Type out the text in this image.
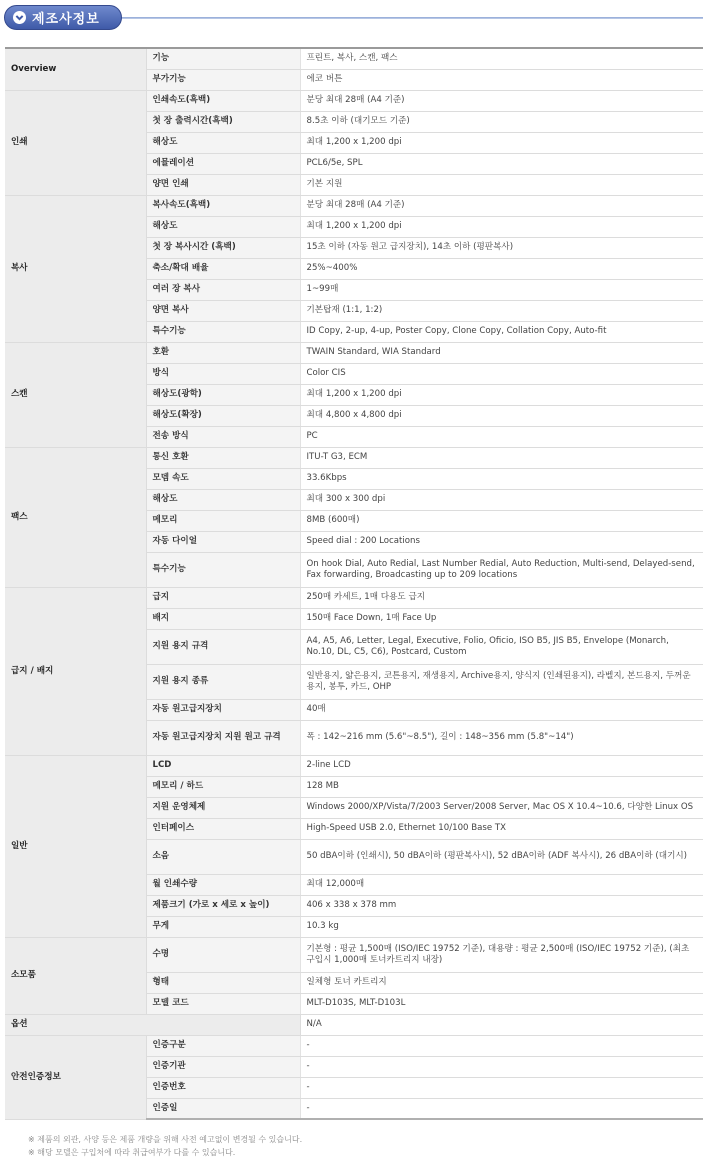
제조사정보
Overview	기능	프린트, 복사, 스캔, 팩스
	부가기능	에코 버튼
인쇄	인쇄속도(흑백)	분당 최대 28매 (A4 기준)
	첫 장 출력시간(흑백)	8.5초 이하 (대기모드 기준)
	해상도	최대 1,200 x 1,200 dpi
	에뮬레이션	PCL6/5e, SPL
	양면 인쇄	기본 지원
복사	복사속도(흑백)	분당 최대 28매 (A4 기준)
	해상도	최대 1,200 x 1,200 dpi
	첫 장 복사시간 (흑백)	15초 이하 (자동 원고 급지장치), 14초 이하 (평판복사)
	축소/확대 배율	25%~400%
	여러 장 복사	1~99매
	양면 복사	기본탑재 (1:1, 1:2)
	특수기능	ID Copy, 2-up, 4-up, Poster Copy, Clone Copy, Collation Copy, Auto-fit
스캔	호환	TWAIN Standard, WIA Standard
	방식	Color CIS
	해상도(광학)	최대 1,200 x 1,200 dpi
	해상도(확장)	최대 4,800 x 4,800 dpi
	전송 방식	PC
팩스	통신 호환	ITU-T G3, ECM
	모뎀 속도	33.6Kbps
	해상도	최대 300 x 300 dpi
	메모리	8MB (600매)
	자동 다이얼	Speed dial : 200 Locations
	특수기능	On hook Dial, Auto Redial, Last Number Redial, Auto Reduction, Multi-send, Delayed-send, Fax forwarding, Broadcasting up to 209 locations
급지 / 배지	급지	250매 카세트, 1매 다용도 급지
	배지	150매 Face Down, 1매 Face Up
	지원 용지 규격	A4, A5, A6, Letter, Legal, Executive, Folio, Oficio, ISO B5, JIS B5, Envelope (Monarch, No.10, DL, C5, C6), Postcard, Custom
	지원 용지 종류	일반용지, 얇은용지, 코튼용지, 재생용지, Archive용지, 양식지 (인쇄된용지), 라벨지, 본드용지, 두꺼운용지, 봉투, 카드, OHP
	자동 원고급지장치	40매
	자동 원고급지장치 지원 원고 규격	폭 : 142~216 mm (5.6"~8.5"), 길이 : 148~356 mm (5.8"~14")
일반	LCD	2-line LCD
	메모리 / 하드	128 MB
	지원 운영체제	Windows 2000/XP/Vista/7/2003 Server/2008 Server, Mac OS X 10.4~10.6, 다양한 Linux OS
	인터페이스	High-Speed USB 2.0, Ethernet 10/100 Base TX
	소음	50 dBA이하 (인쇄시), 50 dBA이하 (평판복사시), 52 dBA이하 (ADF 복사시), 26 dBA이하 (대기시)
	월 인쇄수량	최대 12,000매
	제품크기 (가로 x 세로 x 높이)	406 x 338 x 378 mm
	무게	10.3 kg
소모품	수명	기본형 : 평균 1,500매 (ISO/IEC 19752 기준), 대용량 : 평균 2,500매 (ISO/IEC 19752 기준), (최초 구입시 1,000매 토너카트리지 내장)
	형태	일체형 토너 카트리지
	모델 코드	MLT-D103S, MLT-D103L
옵션		N/A
안전인증정보	인증구분	-
	인증기관	-
	인증번호	-
	인증일	-
※ 제품의 외관, 사양 등은 제품 개량을 위해 사전 예고없이 변경될 수 있습니다.
※ 해당 모델은 구입처에 따라 취급여부가 다를 수 있습니다.
